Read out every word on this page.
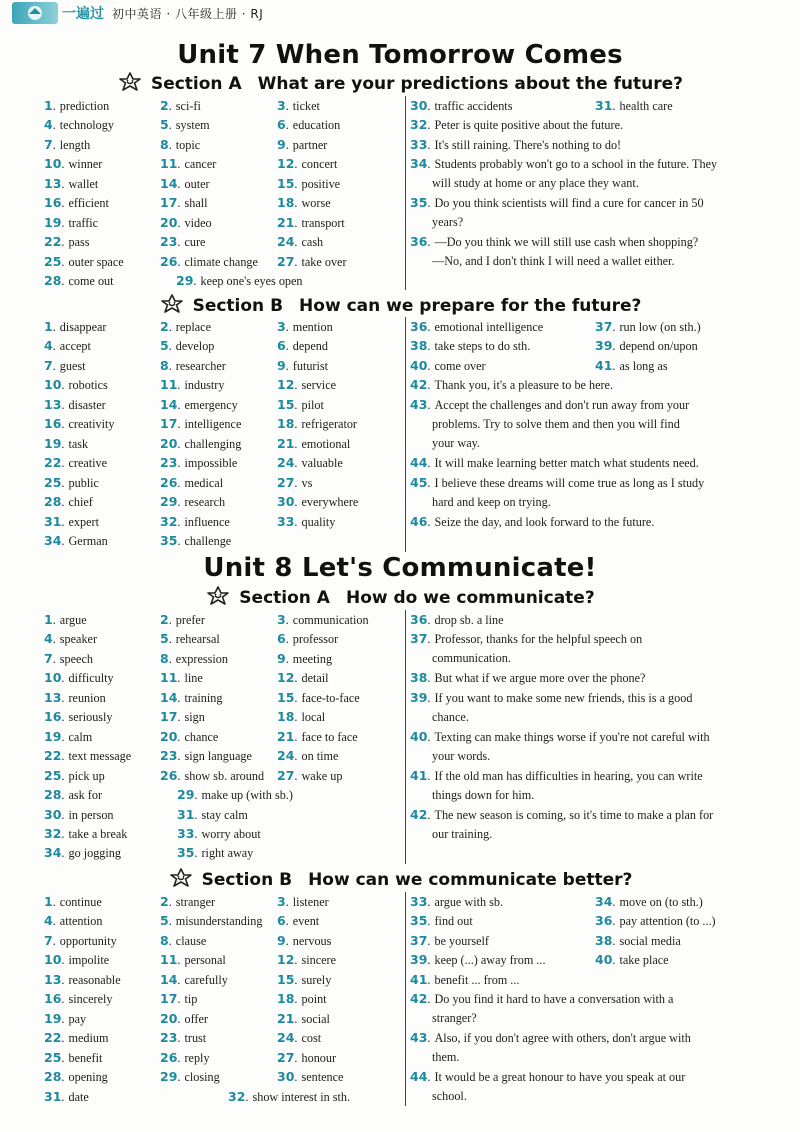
一遍过 初中英语 · 八年级上册 · RJ
Unit 7 When Tomorrow Comes
Section A What are your predictions about the future?
1. prediction	2. sci-fi	3. ticket
4. technology	5. system	6. education
7. length	8. topic	9. partner
10. winner	11. cancer	12. concert
13. wallet	14. outer	15. positive
16. efficient	17. shall	18. worse
19. traffic	20. video	21. transport
22. pass	23. cure	24. cash
25. outer space	26. climate change 27. take over
28. come out	29. keep one's eyes open
30. traffic accidents	31. health care
32. Peter is quite positive about the future.
33. It's still raining. There's nothing to do!
34. Students probably won't go to a school in the future. They
will study at home or any place they want.
35. Do you think scientists will find a cure for cancer in 50
years?
36. —Do you think we will still use cash when shopping?
—No, and I don't think I will need a wallet either.
Section B How can we prepare for the future?
1. disappear	2. replace	3. mention
4. accept	5. develop	6. depend
7. guest	8. researcher	9. futurist
10. robotics	11. industry	12. service
13. disaster	14. emergency	15. pilot
16. creativity	17. intelligence	18. refrigerator
19. task	20. challenging	21. emotional
22. creative	23. impossible	24. valuable
25. public	26. medical	27. vs
28. chief	29. research	30. everywhere
31. expert	32. influence	33. quality
34. German	35. challenge
36. emotional intelligence	37. run low (on sth.)
38. take steps to do sth.	39. depend on/upon
40. come over	41. as long as
42. Thank you, it's a pleasure to be here.
43. Accept the challenges and don't run away from your
problems. Try to solve them and then you will find
your way.
44. It will make learning better match what students need.
45. I believe these dreams will come true as long as I study
hard and keep on trying.
46. Seize the day, and look forward to the future.
Unit 8 Let's Communicate!
Section A How do we communicate?
1. argue	2. prefer	3. communication
4. speaker	5. rehearsal	6. professor
7. speech	8. expression	9. meeting
10. difficulty	11. line	12. detail
13. reunion	14. training	15. face-to-face
16. seriously	17. sign	18. local
19. calm	20. chance	21. face to face
22. text message 23. sign language 24. on time
25. pick up	26. show sb. around 27. wake up
28. ask for	29. make up (with sb.)
30. in person	31. stay calm
32. take a break	33. worry about
34. go jogging	35. right away
36. drop sb. a line
37. Professor, thanks for the helpful speech on
communication.
38. But what if we argue more over the phone?
39. If you want to make some new friends, this is a good
chance.
40. Texting can make things worse if you're not careful with
your words.
41. If the old man has difficulties in hearing, you can write
things down for him.
42. The new season is coming, so it's time to make a plan for
our training.
Section B How can we communicate better?
1. continue	2. stranger	3. listener
4. attention	5. misunderstanding 6. event
7. opportunity	8. clause	9. nervous
10. impolite	11. personal	12. sincere
13. reasonable	14. carefully	15. surely
16. sincerely	17. tip	18. point
19. pay	20. offer	21. social
22. medium	23. trust	24. cost
25. benefit	26. reply	27. honour
28. opening	29. closing	30. sentence
31. date	32. show interest in sth.
33. argue with sb.	34. move on (to sth.)
35. find out	36. pay attention (to ...)
37. be yourself	38. social media
39. keep (...) away from ...	40. take place
41. benefit ... from ...
42. Do you find it hard to have a conversation with a
stranger?
43. Also, if you don't agree with others, don't argue with
them.
44. It would be a great honour to have you speak at our
school.
